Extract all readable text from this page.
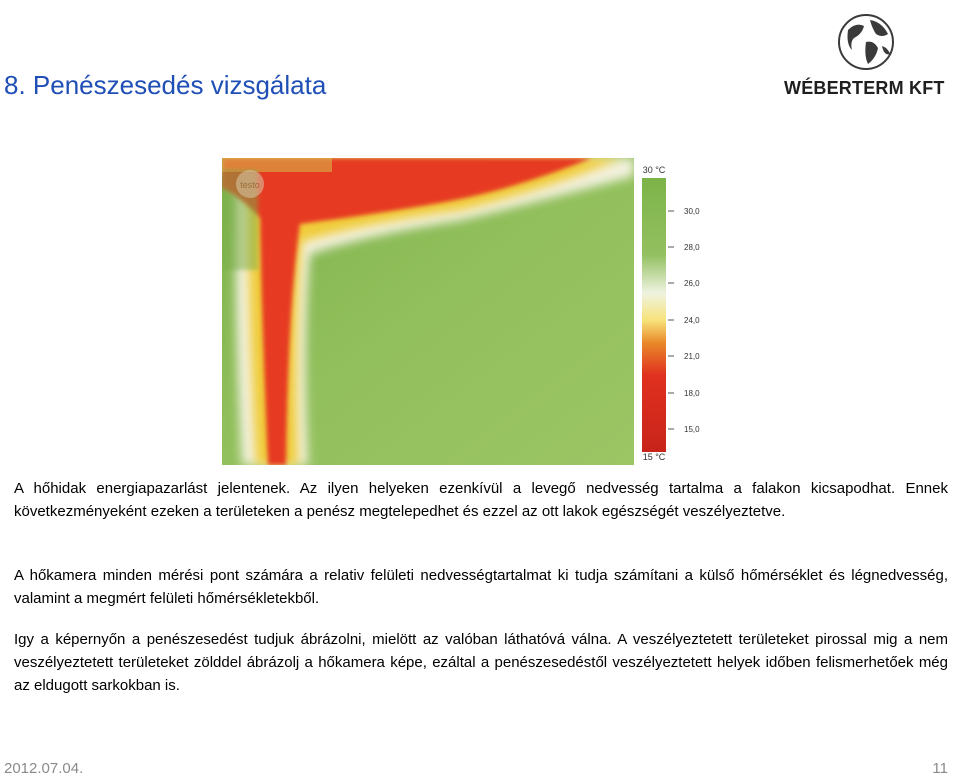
8. Penészesedés vizsgálata	WÉBERTERM KFT
testo
30 °C
15 °C
30,0
28,0
26,0
24,0
21,0
18,0
15,0

A hőhidak energiapazarlást jelentenek. Az ilyen helyeken ezenkívül a levegő nedvesség tartalma a falakon kicsapodhat. Ennek következményeként ezeken a területeken a penész megtelepedhet és ezzel az ott lakok egészségét veszélyeztetve.

A hőkamera minden mérési pont számára a relativ felületi nedvességtartalmat ki tudja számítani a külső hőmérséklet és légnedvesség, valamint a megmért felületi hőmérsékletekből.

Igy a képernyőn a penészesedést tudjuk ábrázolni, mielött az valóban láthatóvá válna. A veszélyeztetett területeket pirossal mig a nem veszélyeztetett területeket zölddel ábrázolj a hőkamera képe, ezáltal a penészesedéstől veszélyeztetett helyek időben felismerhetőek még az eldugott sarkokban is.

2012.07.04.	11
